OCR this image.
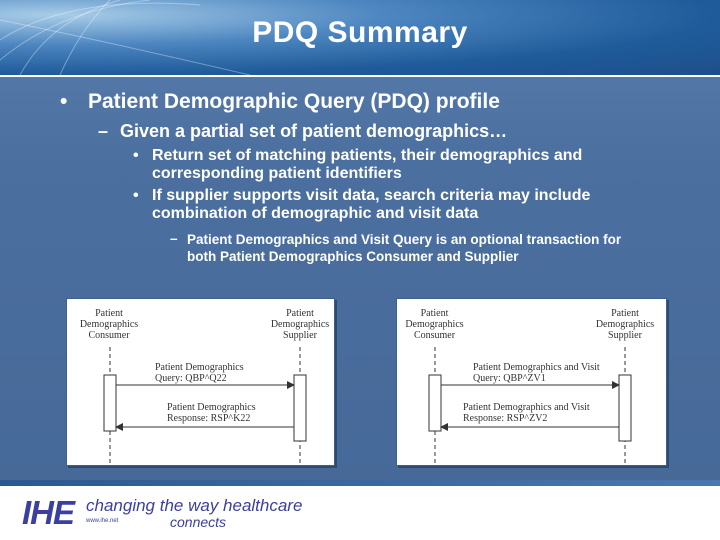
PDQ Summary
• Patient Demographic Query (PDQ) profile
– Given a partial set of patient demographics…
• Return set of matching patients, their demographics and corresponding patient identifiers
• If supplier supports visit data, search criteria may include combination of demographic and visit data
– Patient Demographics and Visit Query is an optional transaction for both Patient Demographics Consumer and Supplier
Patient Demographics Consumer
Patient Demographics Supplier
Patient Demographics Query: QBP^Q22
Patient Demographics Response: RSP^K22
Patient Demographics Consumer
Patient Demographics Supplier
Patient Demographics and Visit Query: QBP^ZV1
Patient Demographics and Visit Response: RSP^ZV2
IHE changing the way healthcare
connects
www.ihe.net
